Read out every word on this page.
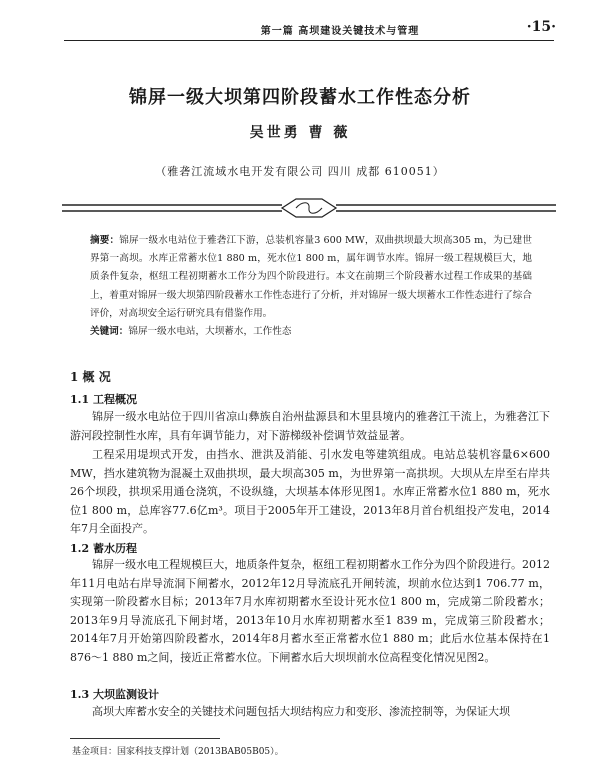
第一篇 高坝建设关键技术与管理	·15·
锦屏一级大坝第四阶段蓄水工作性态分析
吴世勇 曹 薇
（雅砻江流域水电开发有限公司 四川 成都 610051）
摘要：锦屏一级水电站位于雅砻江下游，总装机容量3 600 MW，双曲拱坝最大坝高305 m，为已建世界第一高坝。水库正常蓄水位1 880 m，死水位1 800 m，属年调节水库。锦屏一级工程规模巨大，地质条件复杂，枢纽工程初期蓄水工作分为四个阶段进行。本文在前期三个阶段蓄水过程工作成果的基础上，着重对锦屏一级大坝第四阶段蓄水工作性态进行了分析，并对锦屏一级大坝蓄水工作性态进行了综合评价，对高坝安全运行研究具有借鉴作用。
关键词：锦屏一级水电站，大坝蓄水，工作性态
1 概 况
1.1 工程概况
锦屏一级水电站位于四川省凉山彝族自治州盐源县和木里县境内的雅砻江干流上，为雅砻江下游河段控制性水库，具有年调节能力，对下游梯级补偿调节效益显著。
工程采用堤坝式开发，由挡水、泄洪及消能、引水发电等建筑组成。电站总装机容量6×600 MW，挡水建筑物为混凝土双曲拱坝，最大坝高305 m，为世界第一高拱坝。大坝从左岸至右岸共26个坝段，拱坝采用通仓浇筑，不设纵缝，大坝基本体形见图1。水库正常蓄水位1 880 m，死水位1 800 m，总库容77.6亿m³。项目于2005年开工建设，2013年8月首台机组投产发电，2014年7月全面投产。
1.2 蓄水历程
锦屏一级水电工程规模巨大，地质条件复杂，枢纽工程初期蓄水工作分为四个阶段进行。2012年11月电站右岸导流洞下闸蓄水，2012年12月导流底孔开闸转流，坝前水位达到1 706.77 m，实现第一阶段蓄水目标；2013年7月水库初期蓄水至设计死水位1 800 m，完成第二阶段蓄水；2013年9月导流底孔下闸封堵，2013年10月水库初期蓄水至1 839 m，完成第三阶段蓄水；2014年7月开始第四阶段蓄水，2014年8月蓄水至正常蓄水位1 880 m；此后水位基本保持在1 876～1 880 m之间，接近正常蓄水位。下闸蓄水后大坝坝前水位高程变化情况见图2。
1.3 大坝监测设计
高坝大库蓄水安全的关键技术问题包括大坝结构应力和变形、渗流控制等，为保证大坝
基金项目：国家科技支撑计划（2013BAB05B05）。
